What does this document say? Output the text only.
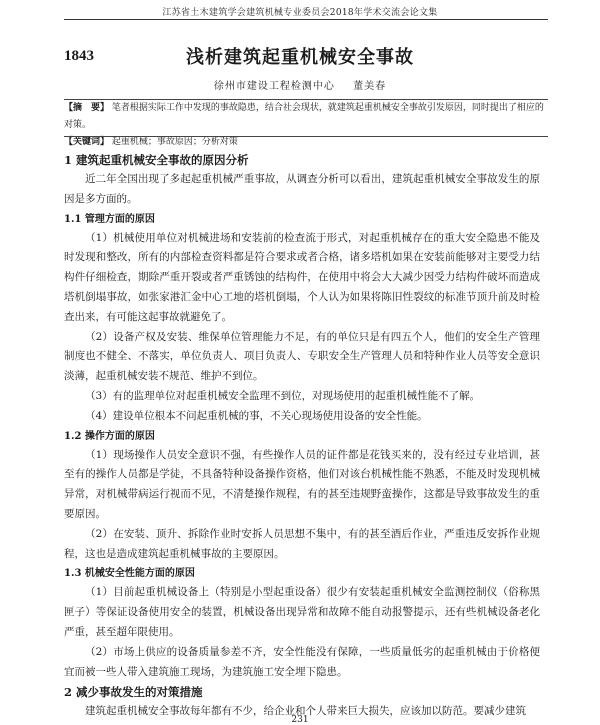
江苏省土木建筑学会建筑机械专业委员会2018年学术交流会论文集
1843	浅析建筑起重机械安全事故
徐州市建设工程检测中心 董美春
【摘　要】 笔者根据实际工作中发现的事故隐患，结合社会现状，就建筑起重机械安全事故引发原因，同时提出了相应的对策。
【关键词】 起重机械；事故原因；分析对策

1 建筑起重机械安全事故的原因分析

近二年全国出现了多起起重机械严重事故，从调查分析可以看出，建筑起重机械安全事故发生的原因是多方面的。

1.1 管理方面的原因

（1）机械使用单位对机械进场和安装前的检查流于形式，对起重机械存在的重大安全隐患不能及时发现和整改，所有的内部检查资料都是符合要求或者合格，诸多塔机如果在安装前能够对主要受力结构件仔细检查，期除严重开裂或者严重锈蚀的结构件，在使用中将会大大减少因受力结构件破坏而造成塔机倒塌事故，如张家港汇金中心工地的塔机倒塌，个人认为如果将陈旧性裂纹的标准节顶升前及时检查出来，有可能这起事故就避免了。

（2）设备产权及安装、维保单位管理能力不足，有的单位只是有四五个人，他们的安全生产管理制度也不健全、不落实，单位负责人、项目负责人、专职安全生产管理人员和特种作业人员等安全意识淡薄，起重机械安装不规范、维护不到位。

（3）有的监理单位对起重机械安全监理不到位，对现场使用的起重机械性能不了解。

（4）建设单位根本不问起重机械的事，不关心现场使用设备的安全性能。

1.2 操作方面的原因

（1）现场操作人员安全意识不强，有些操作人员的证件都是花钱买来的，没有经过专业培训，甚至有的操作人员都是学徒，不具备特种设备操作资格，他们对该台机械性能不熟悉，不能及时发现机械异常，对机械带病运行视而不见，不清楚操作规程，有的甚至违规野蛮操作，这都是导致事故发生的重要原因。

（2）在安装、顶升、拆除作业时安拆人员思想不集中，有的甚至酒后作业，严重违反安拆作业规程，这也是造成建筑起重机械事故的主要原因。

1.3 机械安全性能方面的原因

（1）目前起重机械设备上（特别是小型起重设备）很少有安装起重机械安全监测控制仪（俗称黑匣子）等保证设备使用安全的装置，机械设备出现异常和故障不能自动报警提示，还有些机械设备老化严重，甚至超年限使用。

（2）市场上供应的设备质量参差不齐，安全性能没有保障，一些质量低劣的起重机械由于价格便宜而被一些人带入建筑施工现场，为建筑施工安全埋下隐患。

2 减少事故发生的对策措施

建筑起重机械安全事故每年都有不少，给企业和个人带来巨大损失，应该加以防范。要减少建筑

231
